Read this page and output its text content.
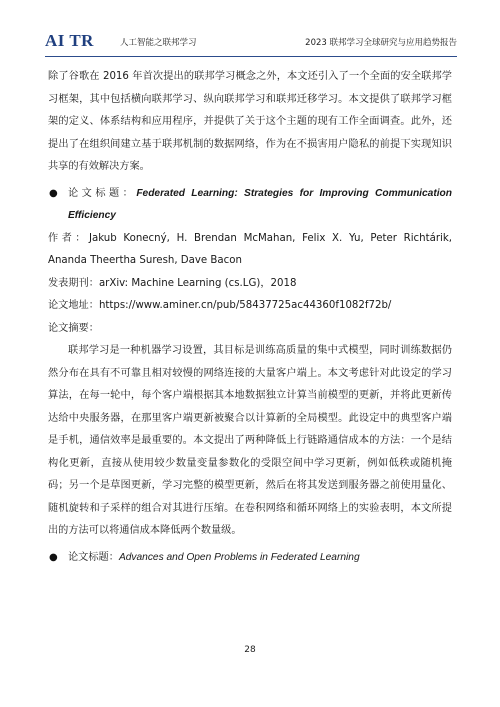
AI TR	人工智能之联邦学习	2023 联邦学习全球研究与应用趋势报告

除了谷歌在 2016 年首次提出的联邦学习概念之外，本文还引入了一个全面的安全联邦学习框架，其中包括横向联邦学习、纵向联邦学习和联邦迁移学习。本文提供了联邦学习框架的定义、体系结构和应用程序，并提供了关于这个主题的现有工作全面调查。此外，还提出了在组织间建立基于联邦机制的数据网络，作为在不损害用户隐私的前提下实现知识共享的有效解决方案。

● 论文标题：Federated Learning: Strategies for Improving Communication Efficiency

作者：Jakub Konecný, H. Brendan McMahan, Felix X. Yu, Peter Richtárik, Ananda Theertha Suresh, Dave Bacon

发表期刊：arXiv: Machine Learning (cs.LG)，2018

论文地址：https://www.aminer.cn/pub/58437725ac44360f1082f72b/

论文摘要：

联邦学习是一种机器学习设置，其目标是训练高质量的集中式模型，同时训练数据仍然分布在具有不可靠且相对较慢的网络连接的大量客户端上。本文考虑针对此设定的学习算法，在每一轮中，每个客户端根据其本地数据独立计算当前模型的更新，并将此更新传达给中央服务器，在那里客户端更新被聚合以计算新的全局模型。此设定中的典型客户端是手机，通信效率是最重要的。本文提出了两种降低上行链路通信成本的方法：一个是结构化更新，直接从使用较少数量变量参数化的受限空间中学习更新，例如低秩或随机掩码；另一个是草图更新，学习完整的模型更新，然后在将其发送到服务器之前使用量化、随机旋转和子采样的组合对其进行压缩。在卷积网络和循环网络上的实验表明，本文所提出的方法可以将通信成本降低两个数量级。

● 论文标题：Advances and Open Problems in Federated Learning
28
